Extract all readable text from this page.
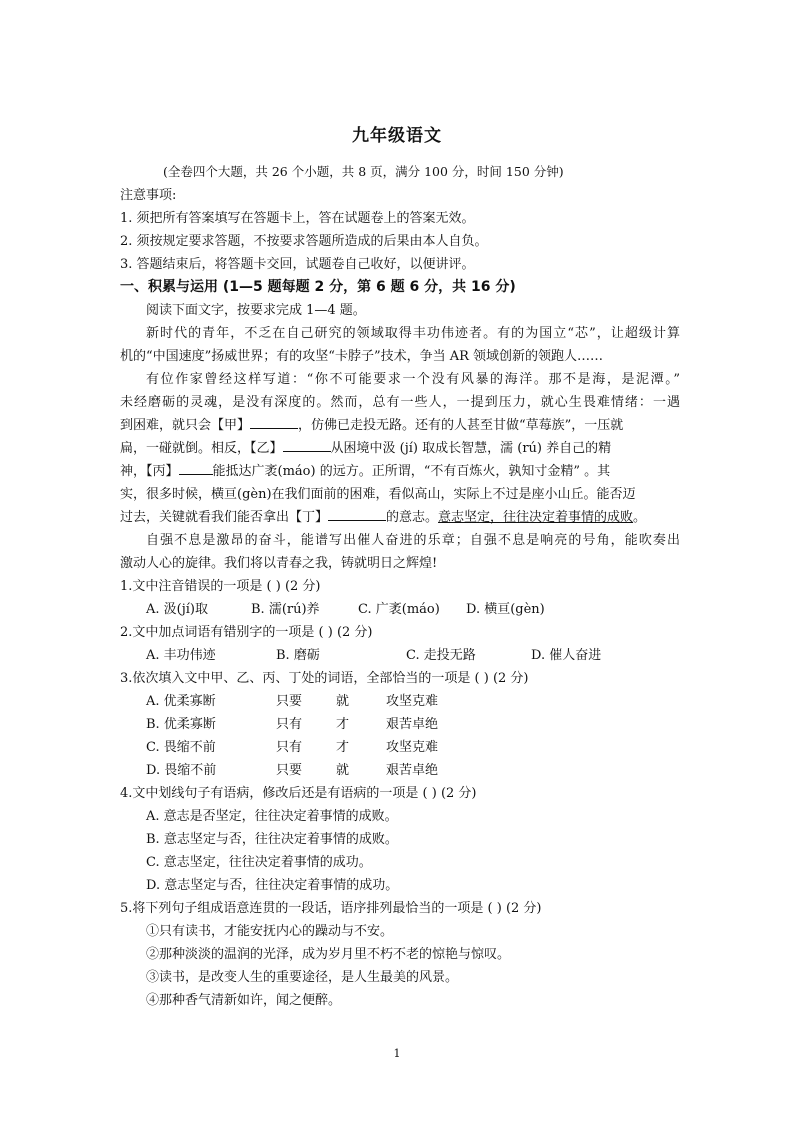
九年级语文
(全卷四个大题，共 26 个小题，共 8 页，满分 100 分，时间 150 分钟)
注意事项:
1. 须把所有答案填写在答题卡上，答在试题卷上的答案无效。
2. 须按规定要求答题，不按要求答题所造成的后果由本人自负。
3. 答题结束后，将答题卡交回，试题卷自己收好，以便讲评。
一、积累与运用 (1—5 题每题 2 分，第 6 题 6 分，共 16 分)
阅读下面文字，按要求完成 1—4 题。
新时代的青年，不乏在自己研究的领域取得丰功伟迹者。有的为国立“芯”，让超级计算
机的“中国速度”扬威世界；有的攻坚“卡脖子”技术，争当 AR 领域创新的领跑人……
有位作家曾经这样写道：“你不可能要求一个没有风暴的海洋。那不是海，是泥潭。”
未经磨砺的灵魂，是没有深度的。然而，总有一些人，一提到压力，就心生畏难情绪：一遇
到困难，就只会【甲】	，仿佛已走投无路。还有的人甚至甘做“草莓族”，一压就
扁，一碰就倒。相反，【乙】	从困境中汲 (jí) 取成长智慧，濡 (rú) 养自己的精
神，【丙】	能抵达广袤(máo) 的远方。正所谓，“不有百炼火，孰知寸金精” 。其
实，很多时候，横亘(gèn)在我们面前的困难，看似高山，实际上不过是座小山丘。能否迈
过去，关键就看我们能否拿出【丁】	的意志。意志坚定，往往决定着事情的成败。
自强不息是激昂的奋斗，能谱写出催人奋进的乐章；自强不息是响亮的号角，能吹奏出
激动人心的旋律。我们将以青春之我，铸就明日之辉煌!
1.文中注音错误的一项是 ( ) (2 分)
A. 汲(jí)取	B. 濡(rú)养	C. 广袤(máo) D. 横亘(gèn)
2.文中加点词语有错别字的一项是 ( ) (2 分)
A. 丰功伟迹	B. 磨砺	C. 走投无路	D. 催人奋进
3.依次填入文中甲、乙、丙、丁处的词语，全部恰当的一项是 ( ) (2 分)
A. 优柔寡断	只要	就	攻坚克难
B. 优柔寡断	只有	才	艰苦卓绝
C. 畏缩不前	只有	才	攻坚克难
D. 畏缩不前	只要	就	艰苦卓绝
4.文中划线句子有语病，修改后还是有语病的一项是 ( ) (2 分)
A. 意志是否坚定，往往决定着事情的成败。
B. 意志坚定与否，往往决定着事情的成败。
C. 意志坚定，往往决定着事情的成功。
D. 意志坚定与否，往往决定着事情的成功。
5.将下列句子组成语意连贯的一段话，语序排列最恰当的一项是 ( ) (2 分)
①只有读书，才能安抚内心的躁动与不安。
②那种淡淡的温润的光泽，成为岁月里不朽不老的惊艳与惊叹。
③读书，是改变人生的重要途径，是人生最美的风景。
④那种香气清新如许，闻之便醉。
1
